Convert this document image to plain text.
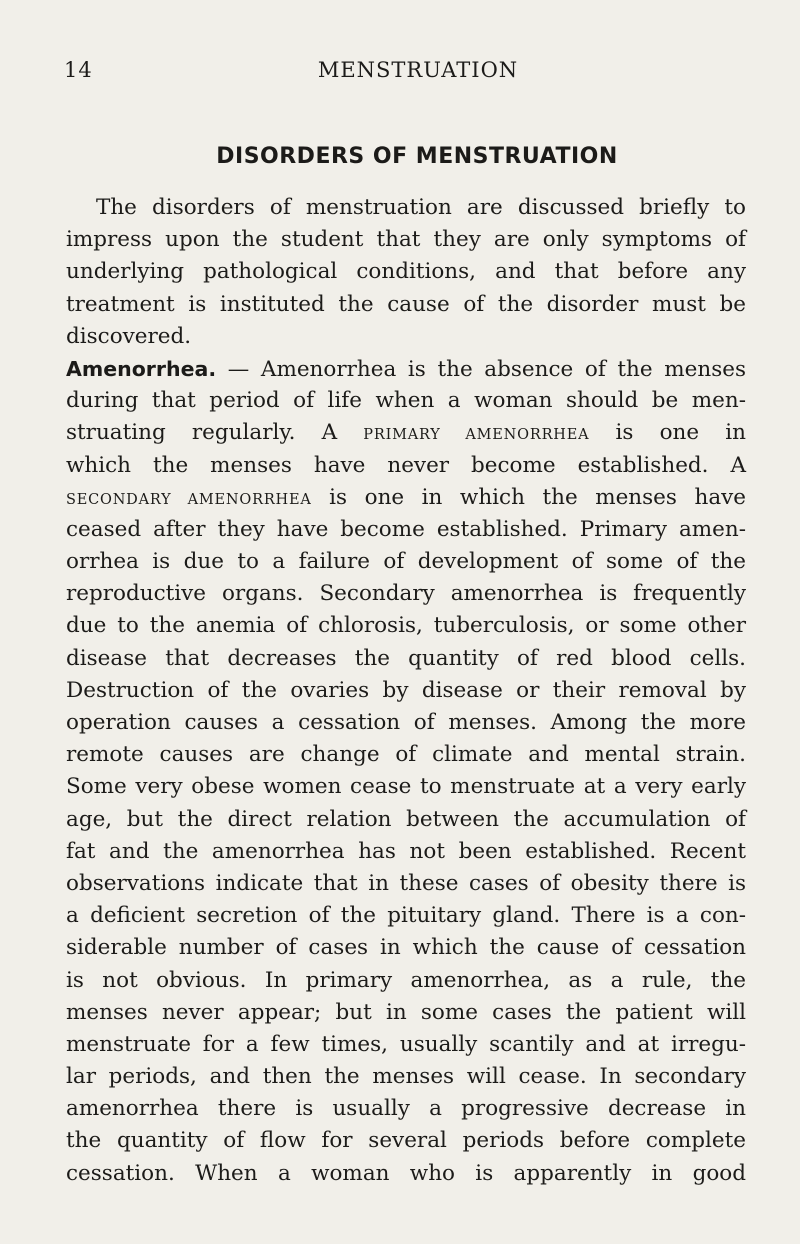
14	MENSTRUATION
DISORDERS OF MENSTRUATION
The disorders of menstruation are discussed briefly to
impress upon the student that they are only symptoms of
underlying pathological conditions, and that before any
treatment is instituted the cause of the disorder must be
discovered.
Amenorrhea. — Amenorrhea is the absence of the menses
during that period of life when a woman should be men-
struating regularly. A PRIMARY AMENORRHEA is one in
which the menses have never become established. A
SECONDARY AMENORRHEA is one in which the menses have
ceased after they have become established. Primary amen-
orrhea is due to a failure of development of some of the
reproductive organs. Secondary amenorrhea is frequently
due to the anemia of chlorosis, tuberculosis, or some other
disease that decreases the quantity of red blood cells.
Destruction of the ovaries by disease or their removal by
operation causes a cessation of menses. Among the more
remote causes are change of climate and mental strain.
Some very obese women cease to menstruate at a very early
age, but the direct relation between the accumulation of
fat and the amenorrhea has not been established. Recent
observations indicate that in these cases of obesity there is
a deficient secretion of the pituitary gland. There is a con-
siderable number of cases in which the cause of cessation
is not obvious. In primary amenorrhea, as a rule, the
menses never appear; but in some cases the patient will
menstruate for a few times, usually scantily and at irregu-
lar periods, and then the menses will cease. In secondary
amenorrhea there is usually a progressive decrease in
the quantity of flow for several periods before complete
cessation. When a woman who is apparently in good
